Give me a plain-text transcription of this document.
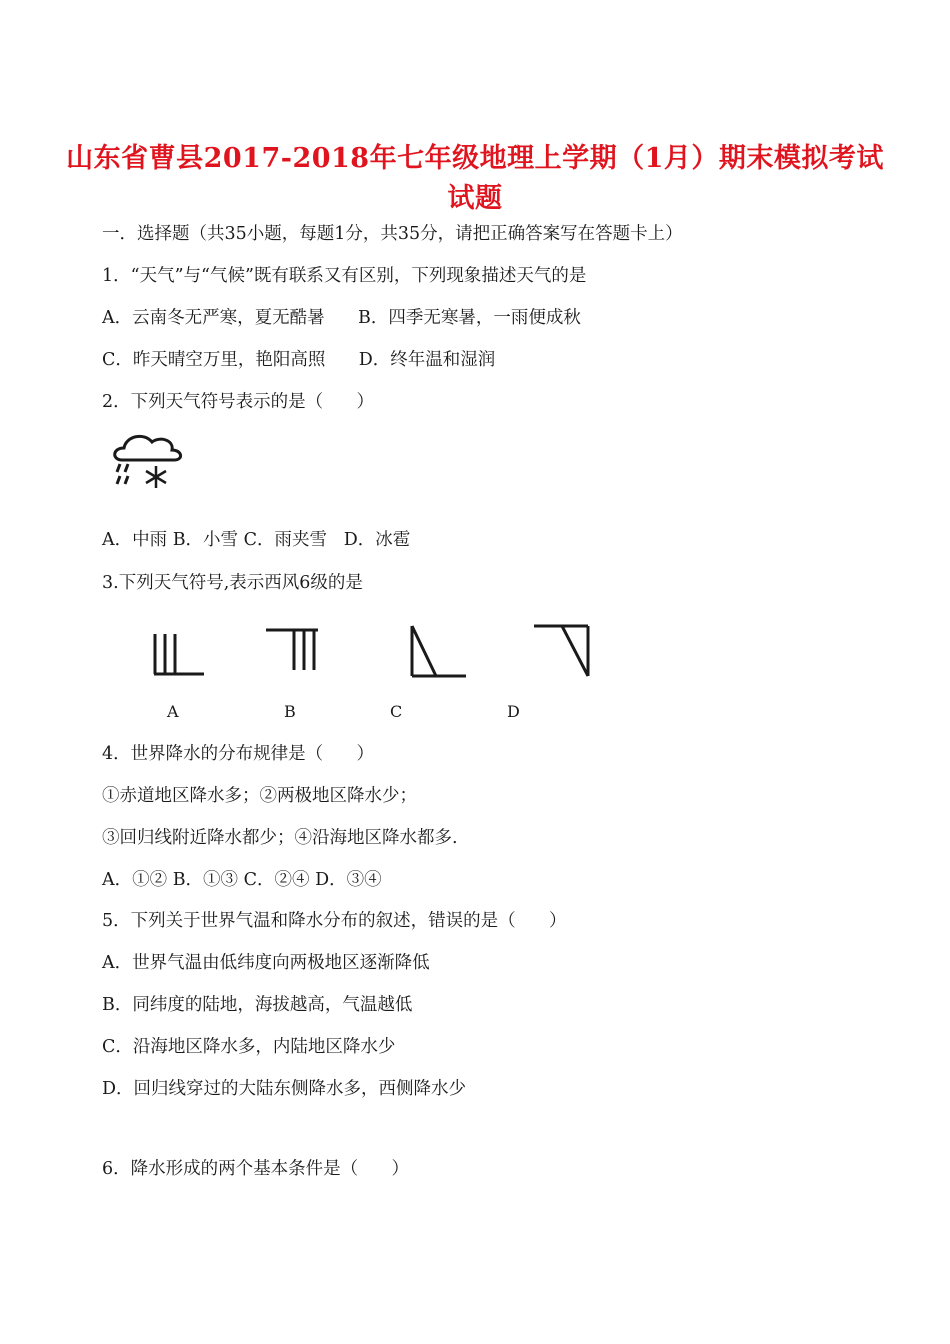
山东省曹县2017-2018年七年级地理上学期（1月）期末模拟考试
试题
一．选择题（共35小题，每题1分，共35分，请把正确答案写在答题卡上）
1．“天气”与“气候”既有联系又有区别，下列现象描述天气的是
A．云南冬无严寒，夏无酷暑      B．四季无寒暑，一雨便成秋
C．昨天晴空万里，艳阳高照      D．终年温和湿润
2．下列天气符号表示的是（      ）
A．中雨 B．小雪 C．雨夹雪   D．冰雹
3.下列天气符号,表示西风6级的是
A	B	C	D
4．世界降水的分布规律是（      ）
①赤道地区降水多；②两极地区降水少；
③回归线附近降水都少；④沿海地区降水都多.
A．①② B．①③ C．②④ D．③④
5．下列关于世界气温和降水分布的叙述，错误的是（      ）
A．世界气温由低纬度向两极地区逐渐降低
B．同纬度的陆地，海拔越高，气温越低
C．沿海地区降水多，内陆地区降水少
D．回归线穿过的大陆东侧降水多，西侧降水少
6．降水形成的两个基本条件是（      ）
